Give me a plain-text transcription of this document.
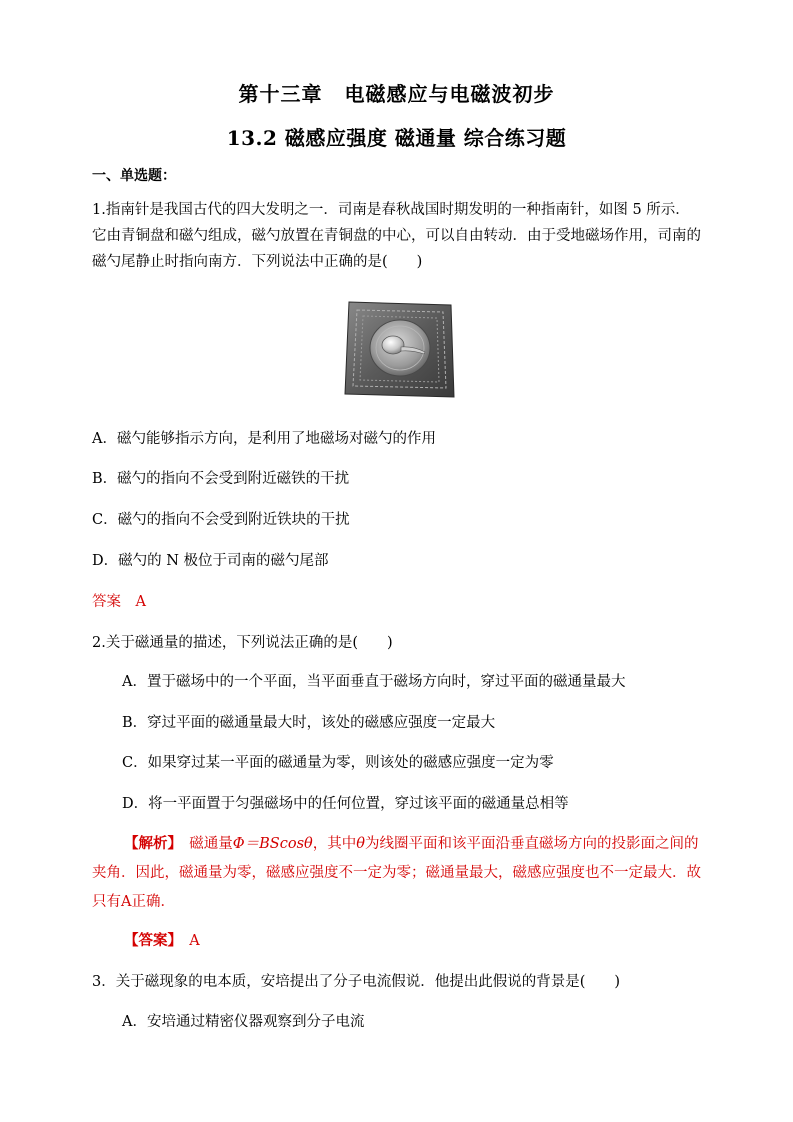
第十三章 电磁感应与电磁波初步
13.2 磁感应强度 磁通量 综合练习题
一、单选题：
1.指南针是我国古代的四大发明之一．司南是春秋战国时期发明的一种指南针，如图 5 所示．它由青铜盘和磁勺组成，磁勺放置在青铜盘的中心，可以自由转动．由于受地磁场作用，司南的磁勺尾静止时指向南方．下列说法中正确的是(　　)
A．磁勺能够指示方向，是利用了地磁场对磁勺的作用
B．磁勺的指向不会受到附近磁铁的干扰
C．磁勺的指向不会受到附近铁块的干扰
D．磁勺的 N 极位于司南的磁勺尾部
答案　A
2.关于磁通量的描述，下列说法正确的是(　　)
A．置于磁场中的一个平面，当平面垂直于磁场方向时，穿过平面的磁通量最大
B．穿过平面的磁通量最大时，该处的磁感应强度一定最大
C．如果穿过某一平面的磁通量为零，则该处的磁感应强度一定为零
D．将一平面置于匀强磁场中的任何位置，穿过该平面的磁通量总相等
【解析】　磁通量Φ＝BScosθ，其中θ为线圈平面和该平面沿垂直磁场方向的投影面之间的夹角．因此，磁通量为零，磁感应强度不一定为零；磁通量最大，磁感应强度也不一定最大．故只有A正确．
【答案】　A
3．关于磁现象的电本质，安培提出了分子电流假说．他提出此假说的背景是(　　)
A．安培通过精密仪器观察到分子电流
